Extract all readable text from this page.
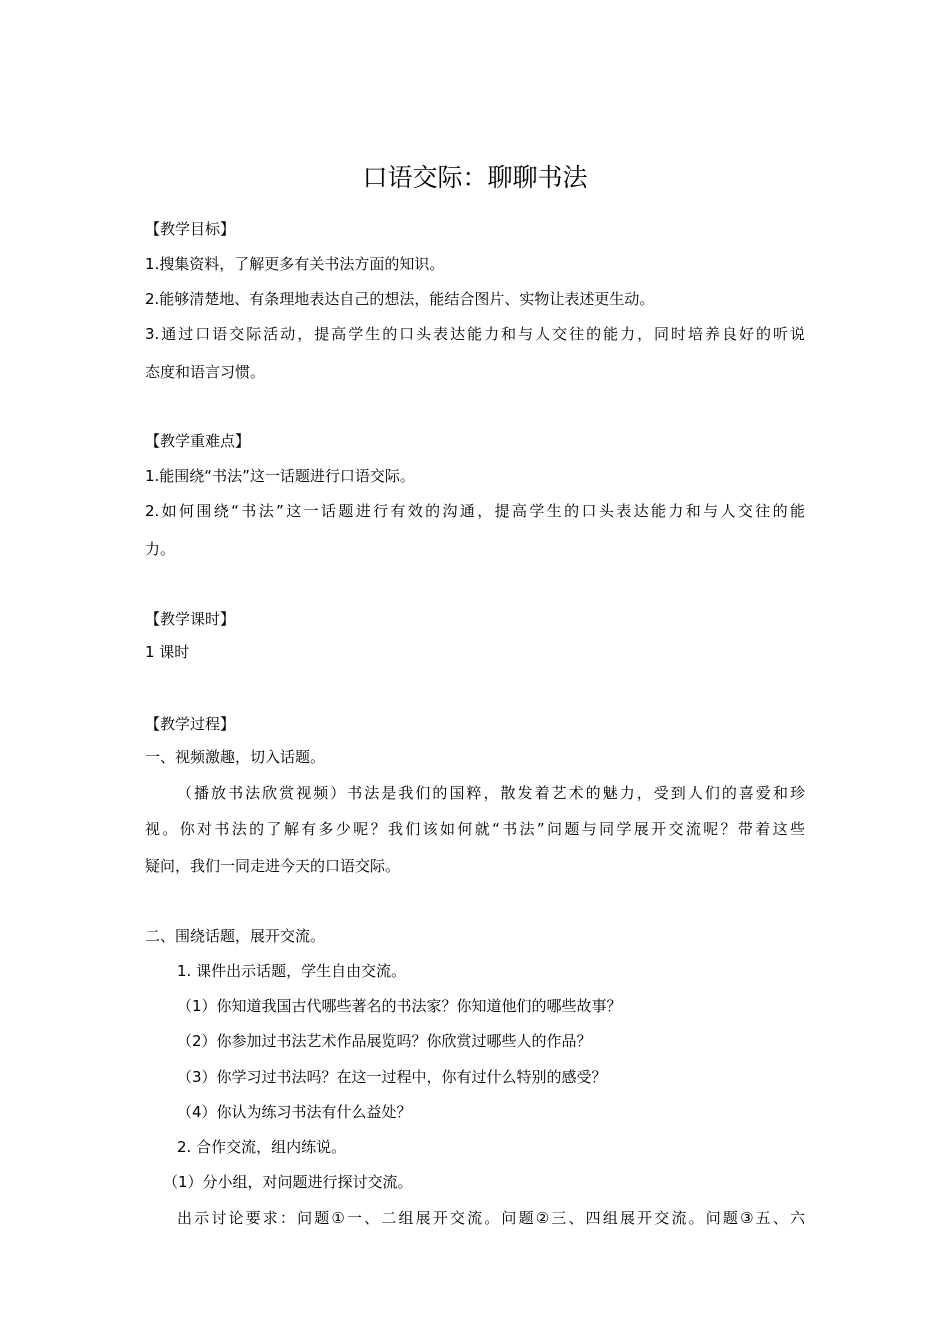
口语交际：聊聊书法
【教学目标】
1.搜集资料，了解更多有关书法方面的知识。
2.能够清楚地、有条理地表达自己的想法，能结合图片、实物让表述更生动。
3.通过口语交际活动，提高学生的口头表达能力和与人交往的能力，同时培养良好的听说
态度和语言习惯。
【教学重难点】
1.能围绕“书法”这一话题进行口语交际。
2.如何围绕“书法”这一话题进行有效的沟通，提高学生的口头表达能力和与人交往的能
力。
【教学课时】
1 课时
【教学过程】
一、视频激趣，切入话题。
（播放书法欣赏视频）书法是我们的国粹，散发着艺术的魅力，受到人们的喜爱和珍
视。你对书法的了解有多少呢？我们该如何就“书法”问题与同学展开交流呢？带着这些
疑问，我们一同走进今天的口语交际。
二、围绕话题，展开交流。
1. 课件出示话题，学生自由交流。
（1）你知道我国古代哪些著名的书法家？你知道他们的哪些故事？
（2）你参加过书法艺术作品展览吗？你欣赏过哪些人的作品？
（3）你学习过书法吗？在这一过程中，你有过什么特别的感受？
（4）你认为练习书法有什么益处？
2. 合作交流，组内练说。
（1）分小组，对问题进行探讨交流。
出示讨论要求：问题①一、二组展开交流。问题②三、四组展开交流。问题③五、六
